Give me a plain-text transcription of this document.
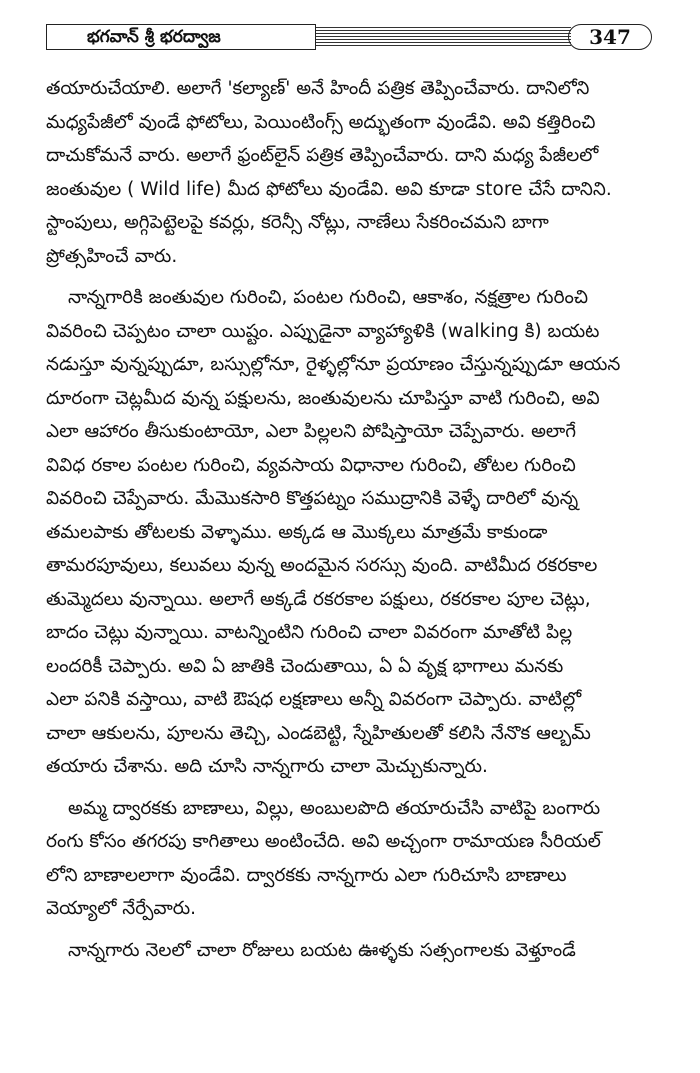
భగవాన్ శ్రీ భరద్వాజ	347
తయారుచేయాలి. అలాగే 'కల్యాణ్' అనే హిందీ పత్రిక తెప్పించేవారు. దానిలోని
మధ్యపేజీలో వుండే ఫోటోలు, పెయింటింగ్స్ అద్భుతంగా వుండేవి. అవి కత్తిరించి
దాచుకోమనే వారు. అలాగే ఫ్రంట్‌లైన్ పత్రిక తెప్పించేవారు. దాని మధ్య పేజీలలో
జంతువుల ( Wild life) మీద ఫోటోలు వుండేవి. అవి కూడా store చేసే దానిని.
స్టాంపులు, అగ్గిపెట్టెలపై కవర్లు, కరెన్సీ నోట్లు, నాణేలు సేకరించమని బాగా
ప్రోత్సహించే వారు.
నాన్నగారికి జంతువుల గురించి, పంటల గురించి, ఆకాశం, నక్షత్రాల గురించి
వివరించి చెప్పటం చాలా యిష్టం. ఎప్పుడైనా వ్యాహ్యాళికి (walking కి) బయట
నడుస్తూ వున్నప్పుడూ, బస్సుల్లోనూ, రైళ్ళల్లోనూ ప్రయాణం చేస్తున్నప్పుడూ ఆయన
దూరంగా చెట్లమీద వున్న పక్షులను, జంతువులను చూపిస్తూ వాటి గురించి, అవి
ఎలా ఆహారం తీసుకుంటాయో, ఎలా పిల్లలని పోషిస్తాయో చెప్పేవారు. అలాగే
వివిధ రకాల పంటల గురించి, వ్యవసాయ విధానాల గురించి, తోటల గురించి
వివరించి చెప్పేవారు. మేమొకసారి కొత్తపట్నం సముద్రానికి వెళ్ళే దారిలో వున్న
తమలపాకు తోటలకు వెళ్ళాము. అక్కడ ఆ మొక్కలు మాత్రమే కాకుండా
తామరపూవులు, కలువలు వున్న అందమైన సరస్సు వుంది. వాటిమీద రకరకాల
తుమ్మెదలు వున్నాయి. అలాగే అక్కడే రకరకాల పక్షులు, రకరకాల పూల చెట్లు,
బాదం చెట్లు వున్నాయి. వాటన్నింటిని గురించి చాలా వివరంగా మాతోటి పిల్ల
లందరికీ చెప్పారు. అవి ఏ జాతికి చెందుతాయి, ఏ ఏ వృక్ష భాగాలు మనకు
ఎలా పనికి వస్తాయి, వాటి ఔషధ లక్షణాలు అన్నీ వివరంగా చెప్పారు. వాటిల్లో
చాలా ఆకులను, పూలను తెచ్చి, ఎండబెట్టి, స్నేహితులతో కలిసి నేనొక ఆల్బమ్
తయారు చేశాను. అది చూసి నాన్నగారు చాలా మెచ్చుకున్నారు.
అమ్మ ద్వారకకు బాణాలు, విల్లు, అంబులపొది తయారుచేసి వాటిపై బంగారు
రంగు కోసం తగరపు కాగితాలు అంటించేది. అవి అచ్చంగా రామాయణ సీరియల్
లోని బాణాలలాగా వుండేవి. ద్వారకకు నాన్నగారు ఎలా గురిచూసి బాణాలు
వెయ్యాలో నేర్పేవారు.
నాన్నగారు నెలలో చాలా రోజులు బయట ఊళ్ళకు సత్సంగాలకు వెళ్తూండే
